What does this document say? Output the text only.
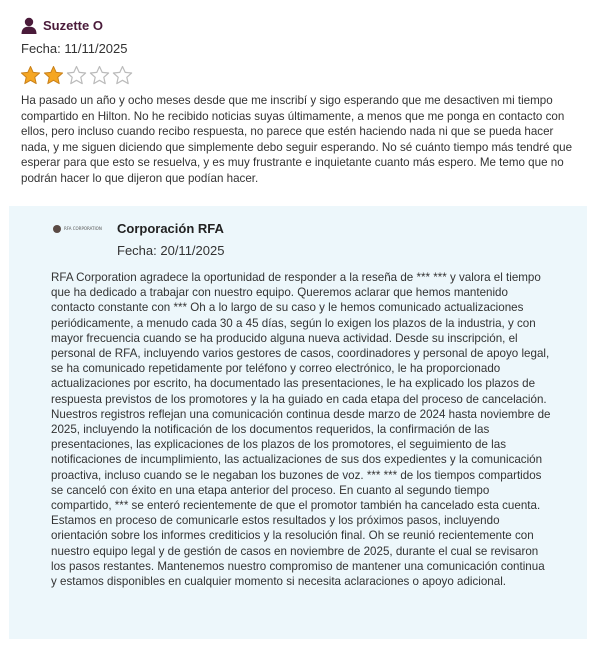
Suzette O
Fecha: 11/11/2025

Ha pasado un año y ocho meses desde que me inscribí y sigo esperando que me desactiven mi tiempo compartido en Hilton. No he recibido noticias suyas últimamente, a menos que me ponga en contacto con ellos, pero incluso cuando recibo respuesta, no parece que estén haciendo nada ni que se pueda hacer nada, y me siguen diciendo que simplemente debo seguir esperando. No sé cuánto tiempo más tendré que esperar para que esto se resuelva, y es muy frustrante e inquietante cuanto más espero. Me temo que no podrán hacer lo que dijeron que podían hacer.

RFA CORPORATION Corporación RFA
Fecha: 20/11/2025

RFA Corporation agradece la oportunidad de responder a la reseña de *** *** y valora el tiempo que ha dedicado a trabajar con nuestro equipo. Queremos aclarar que hemos mantenido contacto constante con *** Oh a lo largo de su caso y le hemos comunicado actualizaciones periódicamente, a menudo cada 30 a 45 días, según lo exigen los plazos de la industria, y con mayor frecuencia cuando se ha producido alguna nueva actividad. Desde su inscripción, el personal de RFA, incluyendo varios gestores de casos, coordinadores y personal de apoyo legal, se ha comunicado repetidamente por teléfono y correo electrónico, le ha proporcionado actualizaciones por escrito, ha documentado las presentaciones, le ha explicado los plazos de respuesta previstos de los promotores y la ha guiado en cada etapa del proceso de cancelación. Nuestros registros reflejan una comunicación continua desde marzo de 2024 hasta noviembre de 2025, incluyendo la notificación de los documentos requeridos, la confirmación de las presentaciones, las explicaciones de los plazos de los promotores, el seguimiento de las notificaciones de incumplimiento, las actualizaciones de sus dos expedientes y la comunicación proactiva, incluso cuando se le negaban los buzones de voz. *** *** de los tiempos compartidos se canceló con éxito en una etapa anterior del proceso. En cuanto al segundo tiempo compartido, *** se enteró recientemente de que el promotor también ha cancelado esta cuenta. Estamos en proceso de comunicarle estos resultados y los próximos pasos, incluyendo orientación sobre los informes crediticios y la resolución final. Oh se reunió recientemente con nuestro equipo legal y de gestión de casos en noviembre de 2025, durante el cual se revisaron los pasos restantes. Mantenemos nuestro compromiso de mantener una comunicación continua y estamos disponibles en cualquier momento si necesita aclaraciones o apoyo adicional.
